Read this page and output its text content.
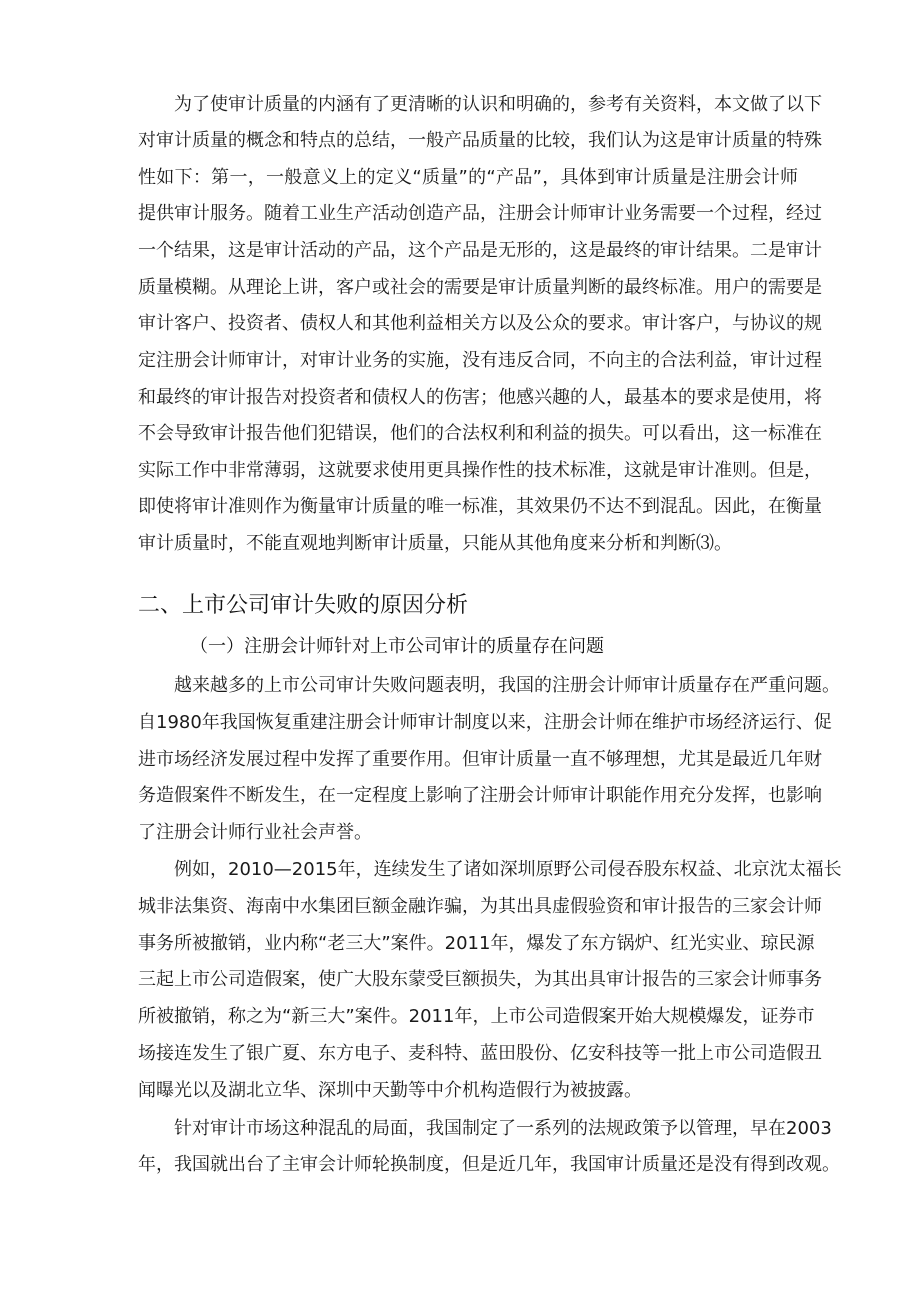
为了使审计质量的内涵有了更清晰的认识和明确的，参考有关资料，本文做了以下
对审计质量的概念和特点的总结，一般产品质量的比较，我们认为这是审计质量的特殊
性如下：第一，一般意义上的定义“质量”的“产品”，具体到审计质量是注册会计师
提供审计服务。随着工业生产活动创造产品，注册会计师审计业务需要一个过程，经过
一个结果，这是审计活动的产品，这个产品是无形的，这是最终的审计结果。二是审计
质量模糊。从理论上讲，客户或社会的需要是审计质量判断的最终标准。用户的需要是
审计客户、投资者、债权人和其他利益相关方以及公众的要求。审计客户，与协议的规
定注册会计师审计，对审计业务的实施，没有违反合同，不向主的合法利益，审计过程
和最终的审计报告对投资者和债权人的伤害；他感兴趣的人，最基本的要求是使用，将
不会导致审计报告他们犯错误，他们的合法权利和利益的损失。可以看出，这一标准在
实际工作中非常薄弱，这就要求使用更具操作性的技术标准，这就是审计准则。但是，
即使将审计准则作为衡量审计质量的唯一标准，其效果仍不达不到混乱。因此，在衡量
审计质量时，不能直观地判断审计质量，只能从其他角度来分析和判断⑶。
二、上市公司审计失败的原因分析
（一）注册会计师针对上市公司审计的质量存在问题
越来越多的上市公司审计失败问题表明，我国的注册会计师审计质量存在严重问题。
自1980年我国恢复重建注册会计师审计制度以来，注册会计师在维护市场经济运行、促
进市场经济发展过程中发挥了重要作用。但审计质量一直不够理想，尤其是最近几年财
务造假案件不断发生，在一定程度上影响了注册会计师审计职能作用充分发挥，也影响
了注册会计师行业社会声誉。
例如，2010—2015年，连续发生了诸如深圳原野公司侵吞股东权益、北京沈太福长
城非法集资、海南中水集团巨额金融诈骗，为其出具虚假验资和审计报告的三家会计师
事务所被撤销，业内称“老三大”案件。2011年，爆发了东方锅炉、红光实业、琼民源
三起上市公司造假案，使广大股东蒙受巨额损失，为其出具审计报告的三家会计师事务
所被撤销，称之为“新三大”案件。2011年，上市公司造假案开始大规模爆发，证券市
场接连发生了银广夏、东方电子、麦科特、蓝田股份、亿安科技等一批上市公司造假丑
闻曝光以及湖北立华、深圳中天勤等中介机构造假行为被披露。
针对审计市场这种混乱的局面，我国制定了一系列的法规政策予以管理，早在2003
年，我国就出台了主审会计师轮换制度，但是近几年，我国审计质量还是没有得到改观。
